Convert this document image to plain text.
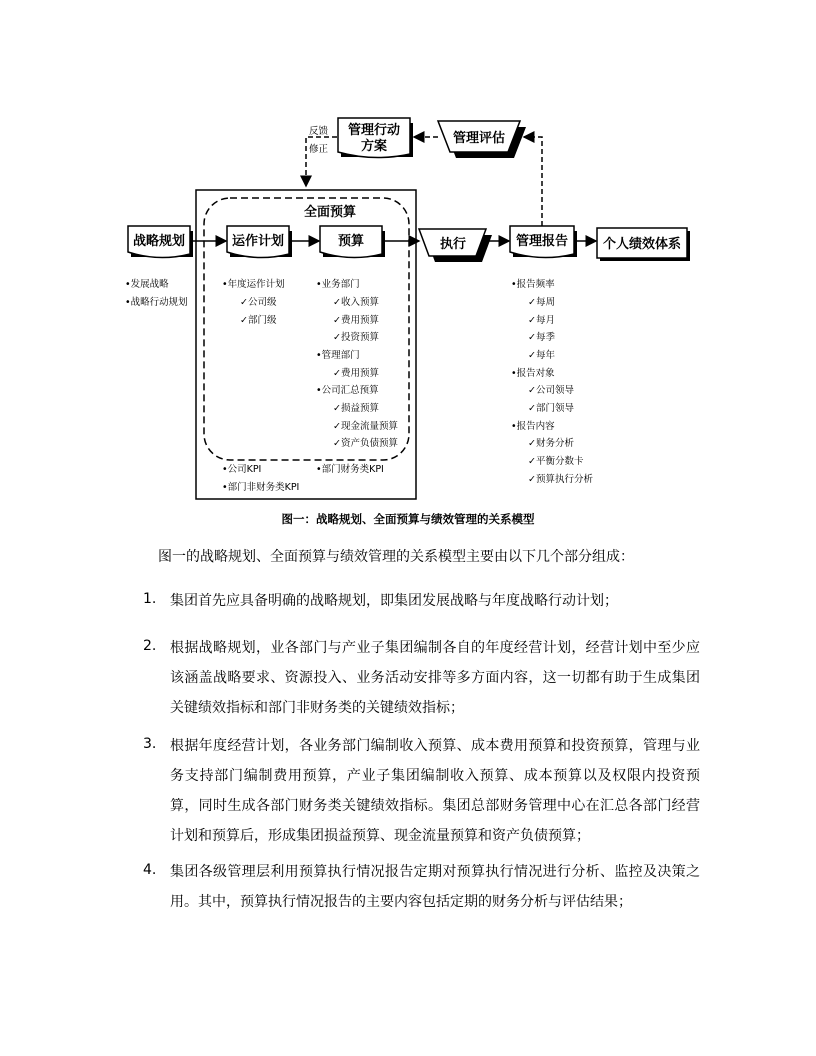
全面预算
战略规划	运作计划	预算	执行	管理报告	个人绩效体系
管理行动
方案
管理评估
反馈
修正
•发展战略
•战略行动规划
•年度运作计划
✓公司级
✓部门级
•业务部门
✓收入预算
✓费用预算
✓投资预算
•管理部门
✓费用预算
•公司汇总预算
✓损益预算
✓现金流量预算
✓资产负债预算
•公司KPI
•部门非财务类KPI
•部门财务类KPI
•报告频率
✓每周
✓每月
✓每季
✓每年
•报告对象
✓公司领导
✓部门领导
•报告内容
✓财务分析
✓平衡分数卡
✓预算执行分析
图一：战略规划、全面预算与绩效管理的关系模型
图一的战略规划、全面预算与绩效管理的关系模型主要由以下几个部分组成：
1. 集团首先应具备明确的战略规划，即集团发展战略与年度战略行动计划；
2. 根据战略规划，业各部门与产业子集团编制各自的年度经营计划，经营计划中至少应该涵盖战略要求、资源投入、业务活动安排等多方面内容，这一切都有助于生成集团关键绩效指标和部门非财务类的关键绩效指标；
3. 根据年度经营计划，各业务部门编制收入预算、成本费用预算和投资预算，管理与业务支持部门编制费用预算，产业子集团编制收入预算、成本预算以及权限内投资预算，同时生成各部门财务类关键绩效指标。集团总部财务管理中心在汇总各部门经营计划和预算后，形成集团损益预算、现金流量预算和资产负债预算；
4. 集团各级管理层利用预算执行情况报告定期对预算执行情况进行分析、监控及决策之用。其中，预算执行情况报告的主要内容包括定期的财务分析与评估结果；
